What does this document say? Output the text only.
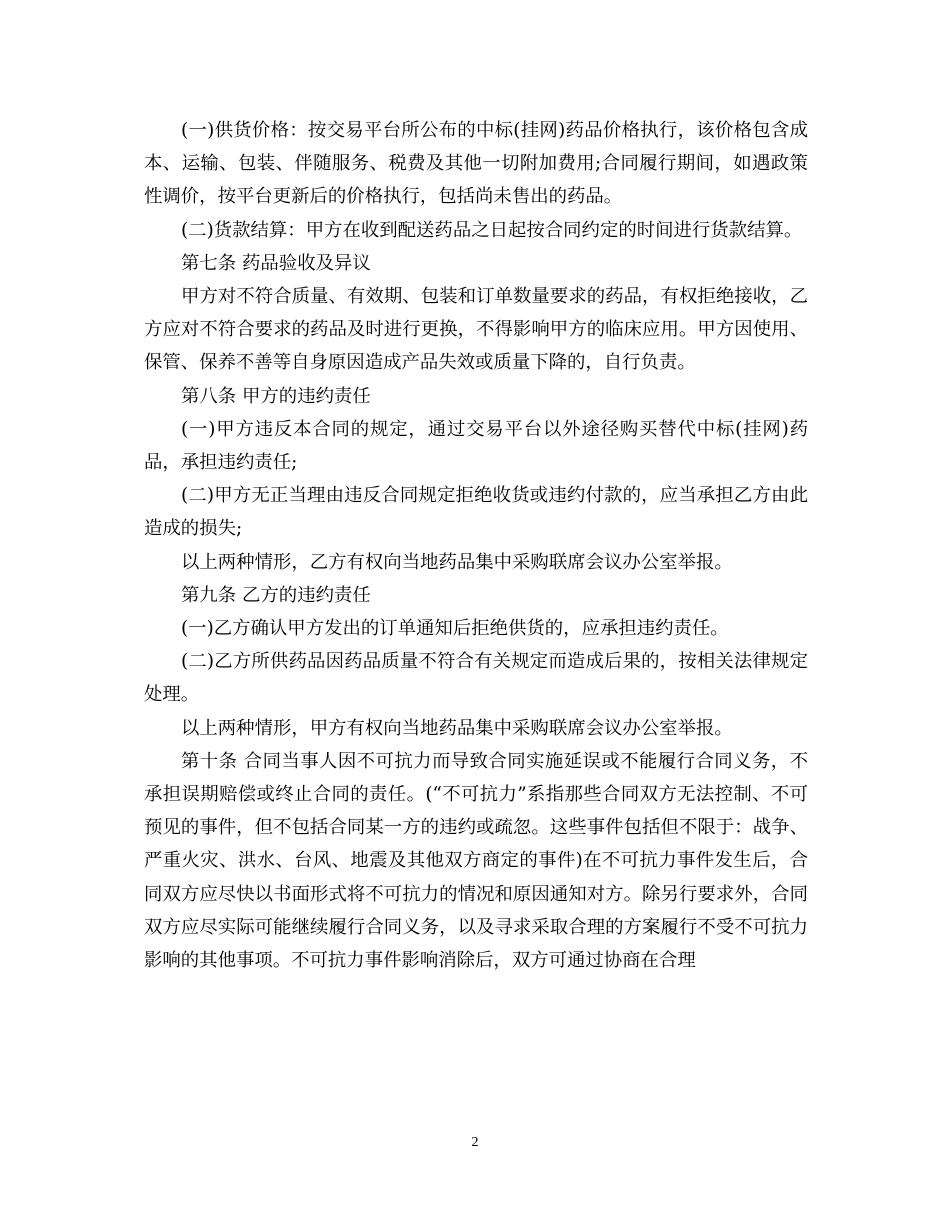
(一)供货价格：按交易平台所公布的中标(挂网)药品价格执行，该价格包含成本、运输、包装、伴随服务、税费及其他一切附加费用;合同履行期间，如遇政策性调价，按平台更新后的价格执行，包括尚未售出的药品。

(二)货款结算：甲方在收到配送药品之日起按合同约定的时间进行货款结算。

第七条 药品验收及异议

甲方对不符合质量、有效期、包装和订单数量要求的药品，有权拒绝接收，乙方应对不符合要求的药品及时进行更换，不得影响甲方的临床应用。甲方因使用、保管、保养不善等自身原因造成产品失效或质量下降的，自行负责。

第八条 甲方的违约责任

(一)甲方违反本合同的规定，通过交易平台以外途径购买替代中标(挂网)药品，承担违约责任;

(二)甲方无正当理由违反合同规定拒绝收货或违约付款的，应当承担乙方由此造成的损失;

以上两种情形，乙方有权向当地药品集中采购联席会议办公室举报。

第九条 乙方的违约责任

(一)乙方确认甲方发出的订单通知后拒绝供货的，应承担违约责任。

(二)乙方所供药品因药品质量不符合有关规定而造成后果的，按相关法律规定处理。

以上两种情形，甲方有权向当地药品集中采购联席会议办公室举报。

第十条 合同当事人因不可抗力而导致合同实施延误或不能履行合同义务，不承担误期赔偿或终止合同的责任。(“不可抗力”系指那些合同双方无法控制、不可预见的事件，但不包括合同某一方的违约或疏忽。这些事件包括但不限于：战争、严重火灾、洪水、台风、地震及其他双方商定的事件)在不可抗力事件发生后，合同双方应尽快以书面形式将不可抗力的情况和原因通知对方。除另行要求外，合同双方应尽实际可能继续履行合同义务，以及寻求采取合理的方案履行不受不可抗力影响的其他事项。不可抗力事件影响消除后，双方可通过协商在合理

2
